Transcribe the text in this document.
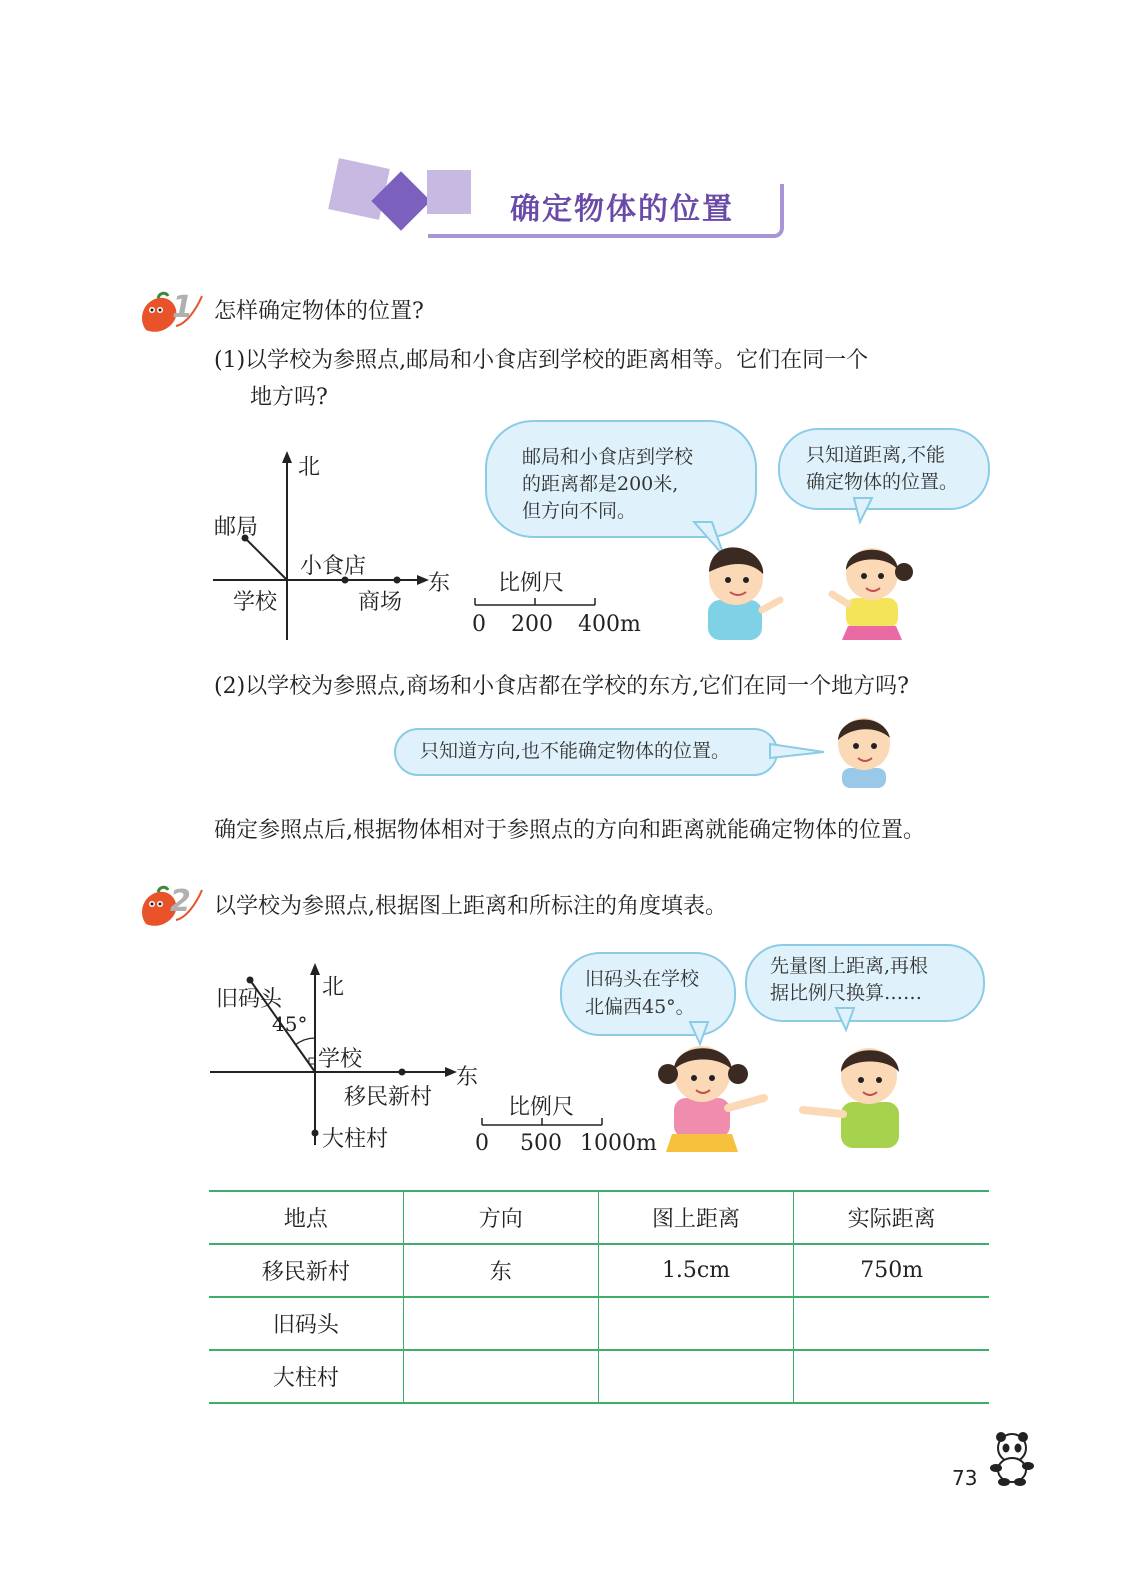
确定物体的位置
1 怎样确定物体的位置?
(1)以学校为参照点,邮局和小食店到学校的距离相等。它们在同一个
地方吗?
北
东
邮局
小食店
学校	商场
比例尺
0 200 400m
邮局和小食店到学校
的距离都是200米,
但方向不同。
只知道距离,不能
确定物体的位置。
(2)以学校为参照点,商场和小食店都在学校的东方,它们在同一个地方吗?
只知道方向,也不能确定物体的位置。
确定参照点后,根据物体相对于参照点的方向和距离就能确定物体的位置。
2 以学校为参照点,根据图上距离和所标注的角度填表。
北
东
旧码头
45°
学校
移民新村
大柱村
比例尺
0 500 1000m
旧码头在学校
北偏西45°。
先量图上距离,再根
据比例尺换算……
地点	方向	图上距离	实际距离
移民新村	东	1.5cm	750m
旧码头			
大柱村			
73
